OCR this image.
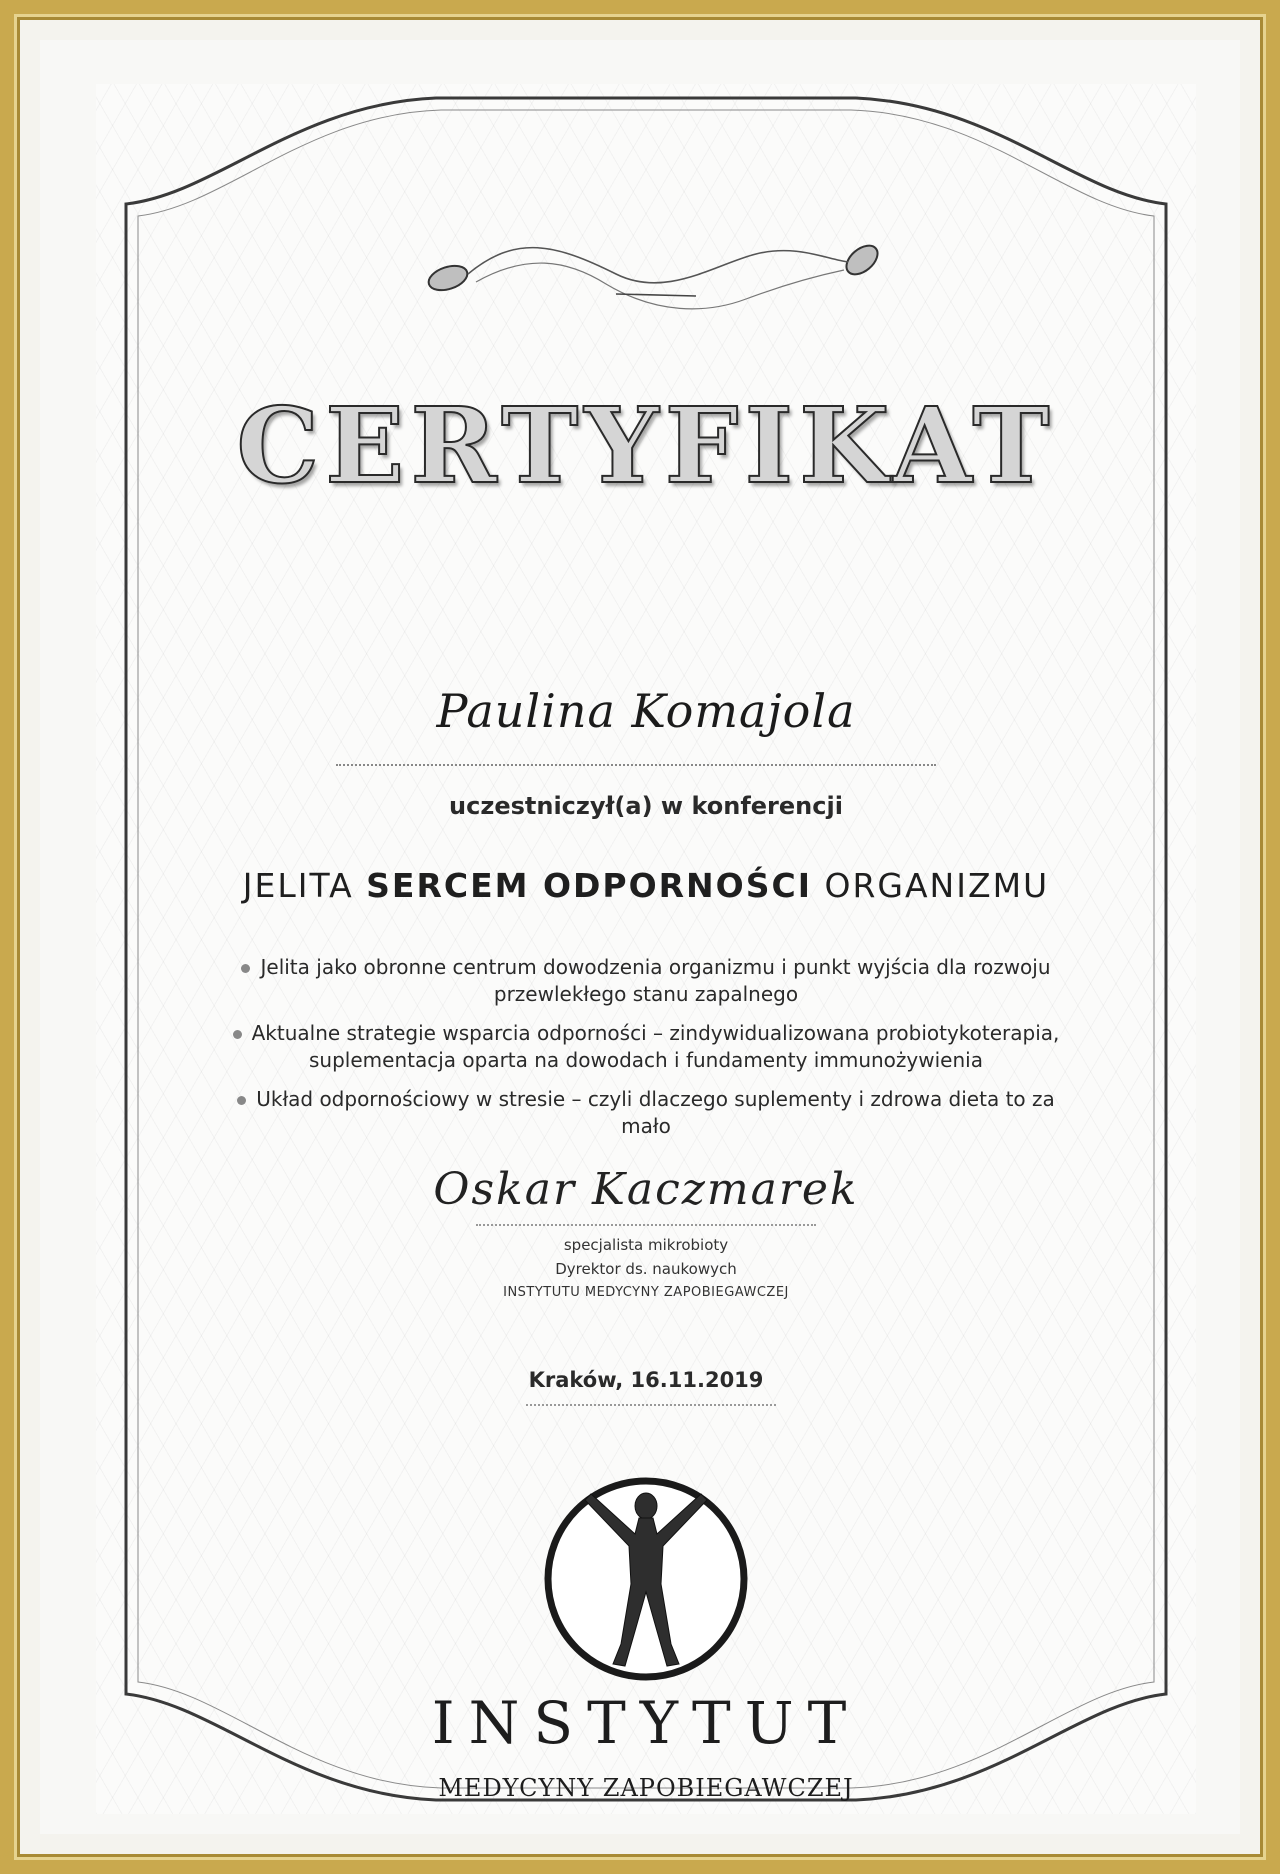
CERTYFIKAT
Paulina Komajola
uczestniczył(a) w konferencji
JELITA SERCEM ODPORNOŚCI ORGANIZMU
Jelita jako obronne centrum dowodzenia organizmu i punkt wyjścia dla rozwoju
przewlekłego stanu zapalnego
Aktualne strategie wsparcia odporności – zindywidualizowana probiotykoterapia,
suplementacja oparta na dowodach i fundamenty immunożywienia
Układ odpornościowy w stresie – czyli dlaczego suplementy i zdrowa dieta to za mało
Oskar Kaczmarek
specjalista mikrobioty
Dyrektor ds. naukowych
INSTYTUTU MEDYCYNY ZAPOBIEGAWCZEJ
Kraków, 16.11.2019
INSTYTUT
MEDYCYNY ZAPOBIEGAWCZEJ
